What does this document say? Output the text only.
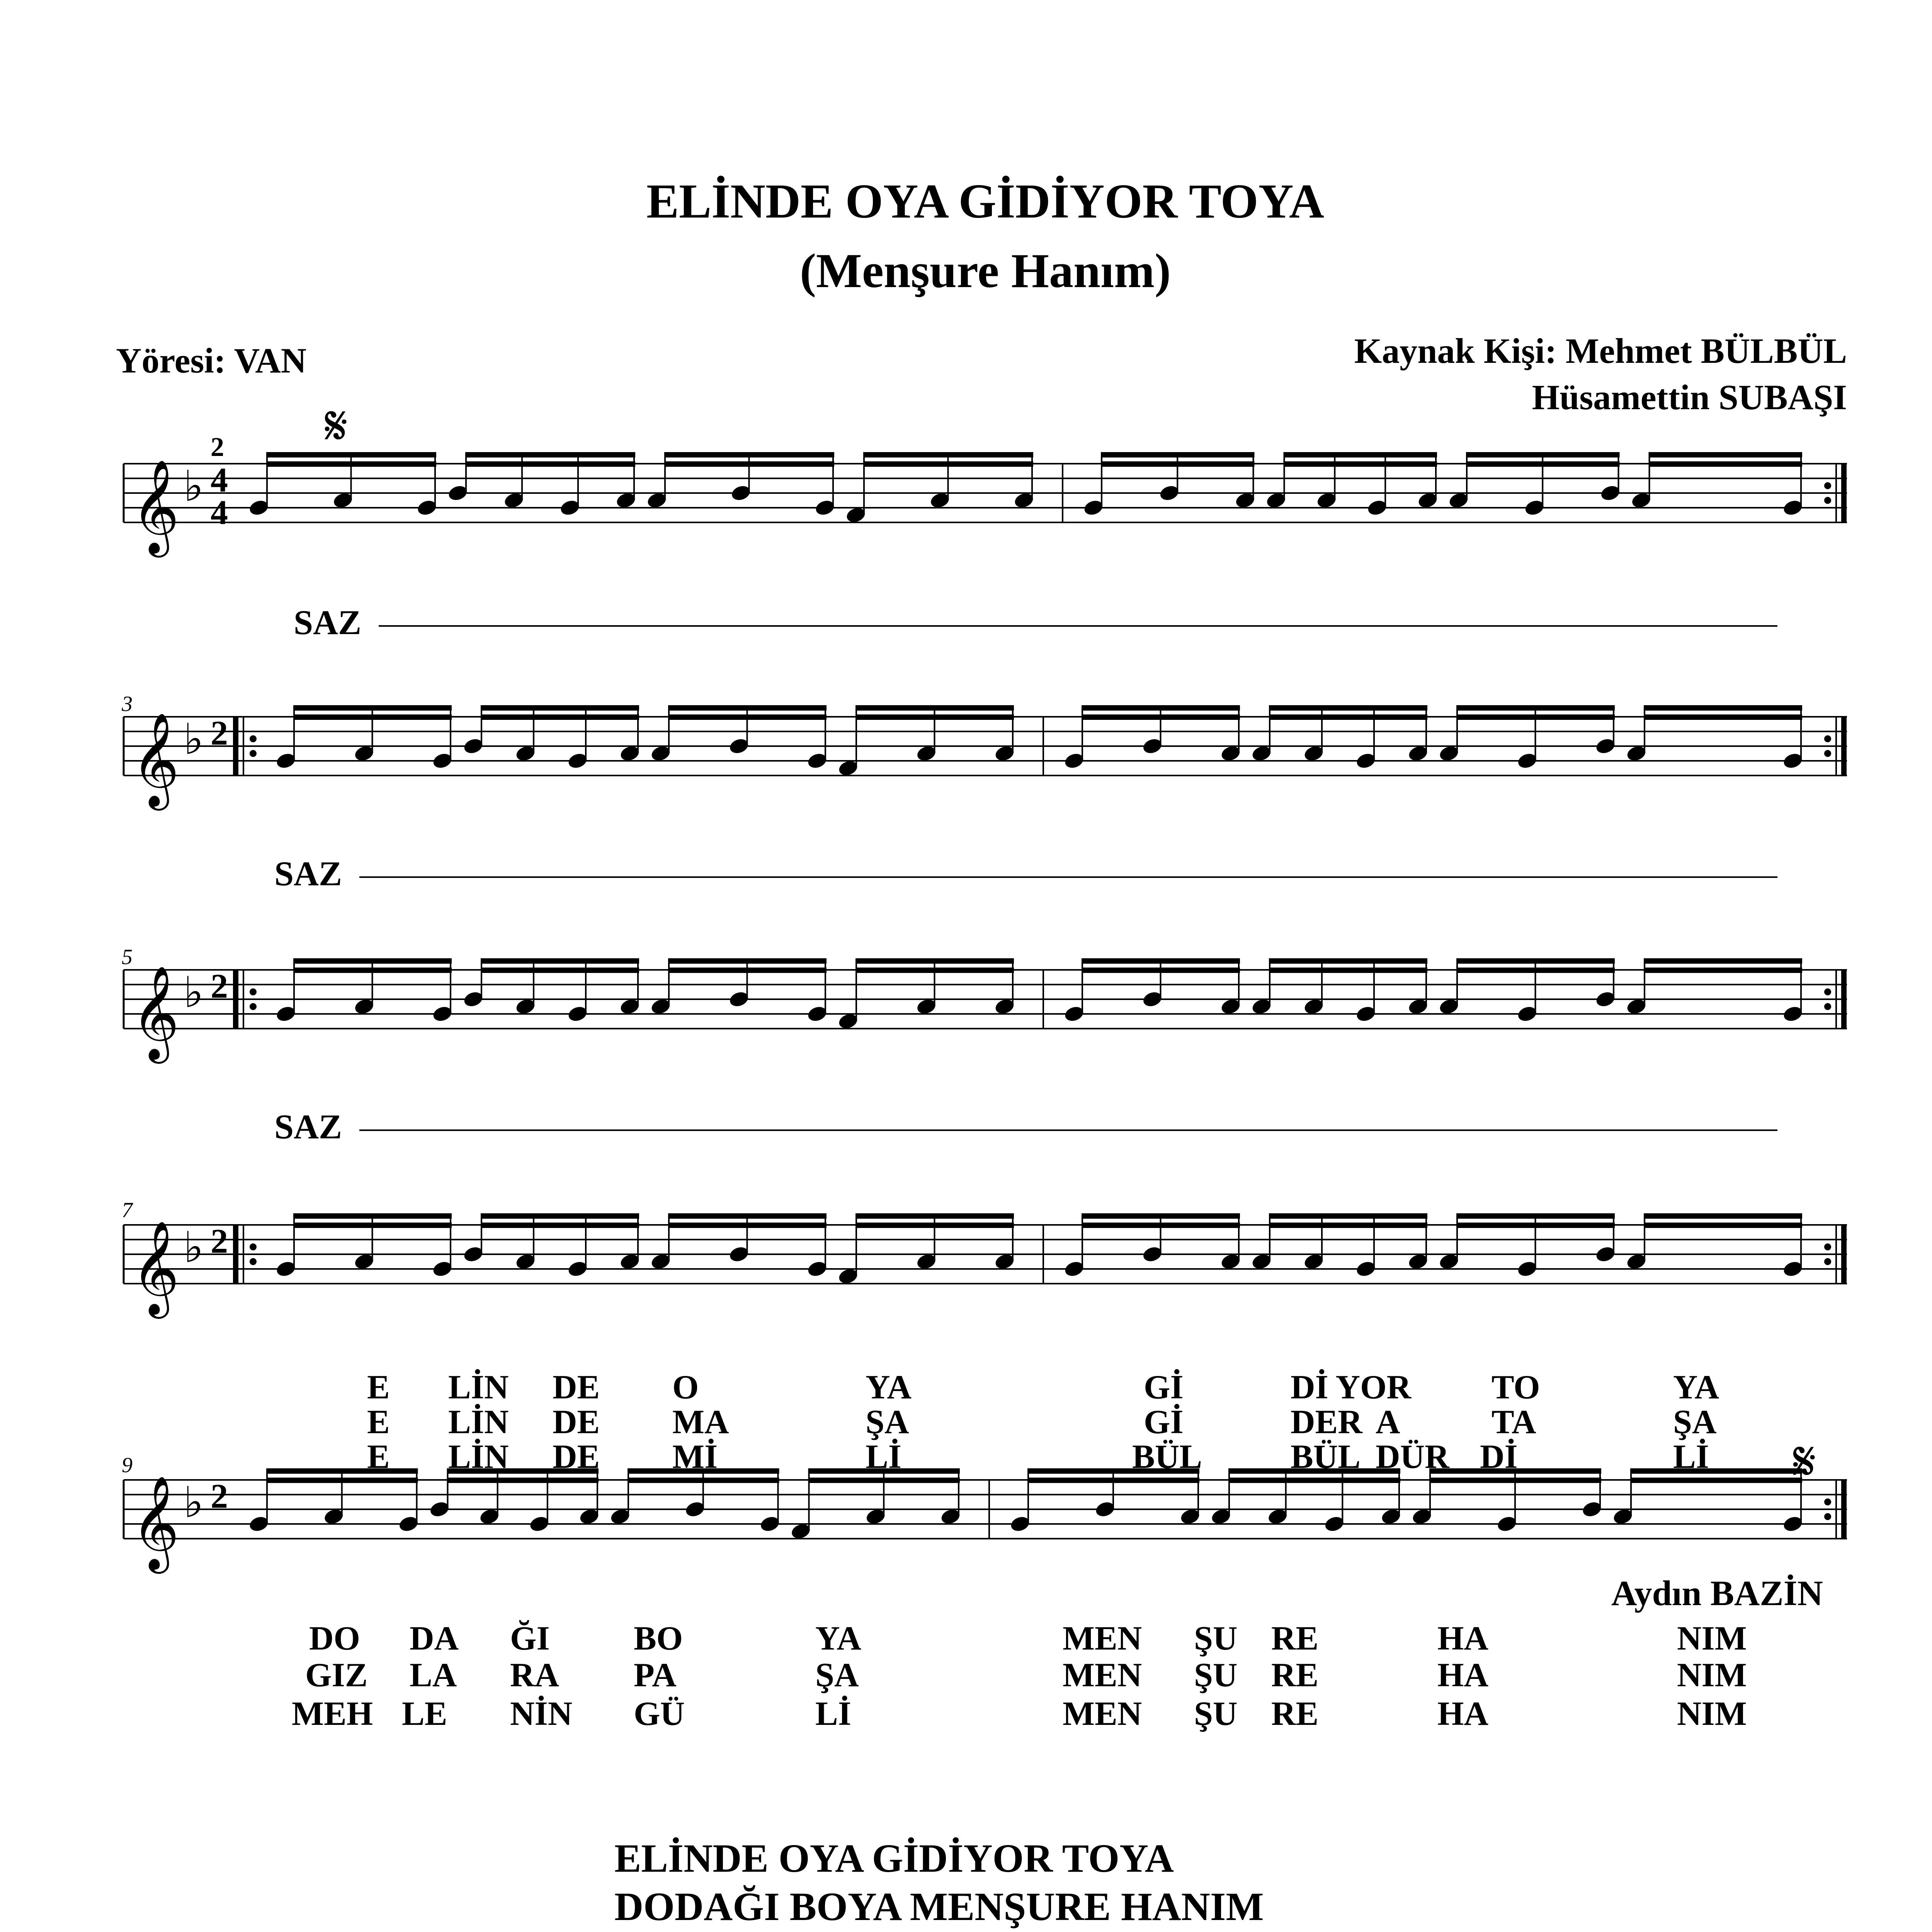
ELİNDE OYA GİDİYOR TOYA
(Menşure Hanım)
Yöresi: VAN	Kaynak Kişi: Mehmet BÜLBÜL
Hüsamettin SUBAŞI
𝄞 ♭ 4
4
2
𝄞 ♭ 2
𝄞 ♭ 2
𝄞 ♭ 2
𝄞 ♭ 2
𝄋
𝄋
SAZ
SAZ
SAZ
3
5
7
9
Aydın BAZİN
E LİN DE O	YA	Gİ	Dİ YOR TO	YA
E LİN DE MA	ŞA	Gİ	DER A	TA	ŞA
E LİN DE Mİ	Lİ	BÜL	BÜL DÜR Dİ	Lİ
DO DA ĞI BO	YA	MEN ŞU RE	HA	NIM
GIZ LA RA PA	ŞA	MEN ŞU RE	HA	NIM
MEH LE NİN GÜ	Lİ	MEN ŞU RE	HA	NIM
ELİNDE OYA GİDİYOR TOYA
DODAĞI BOYA MENŞURE HANIM
